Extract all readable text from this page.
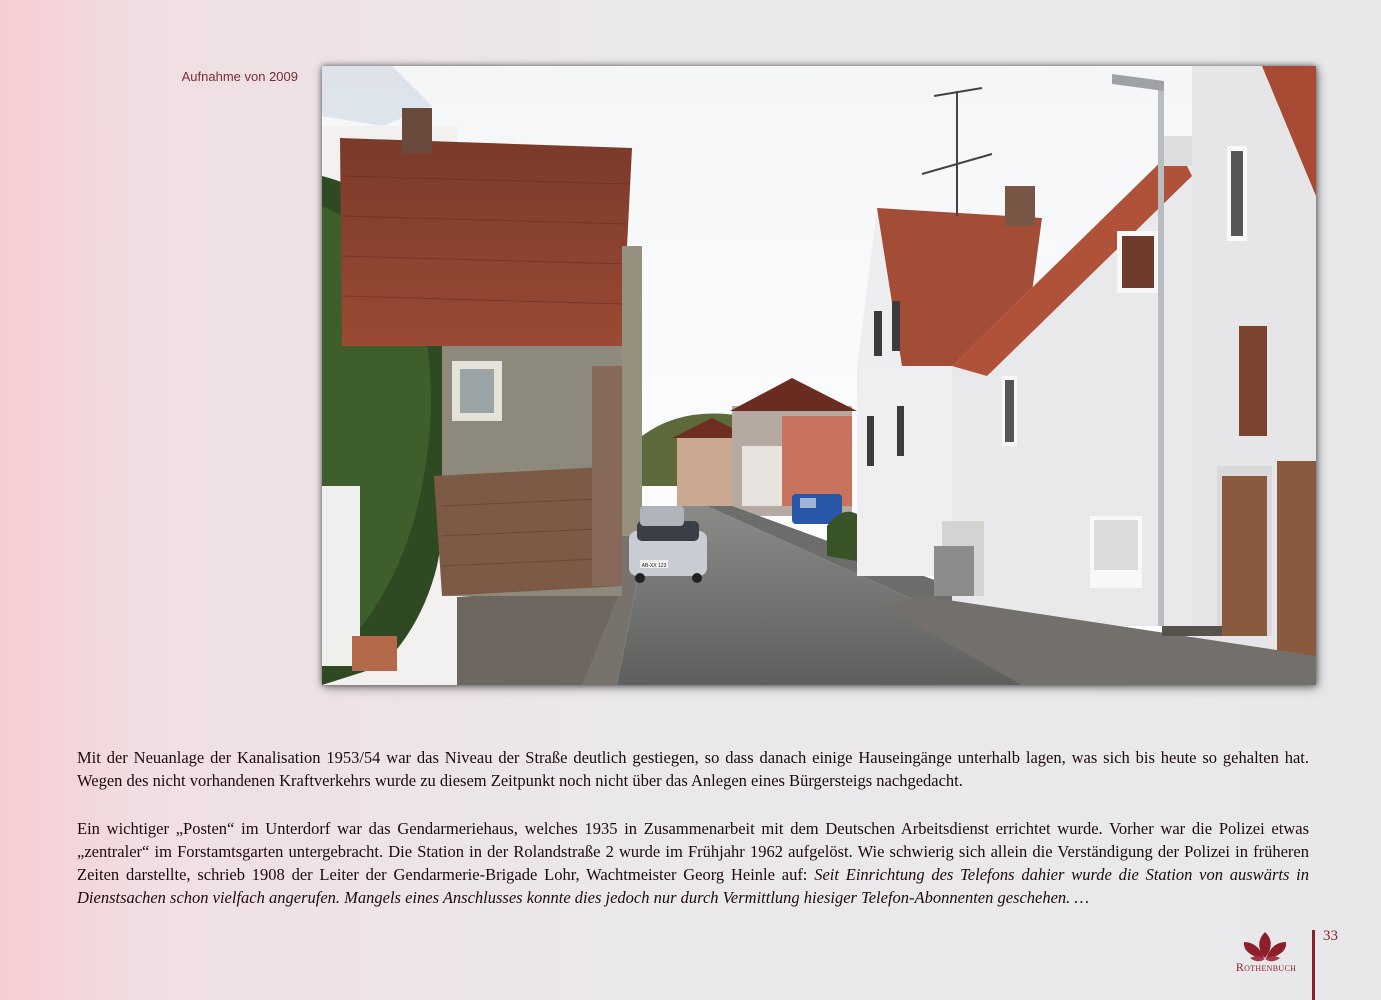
Aufnahme von 2009
AB-XX 123

Mit der Neuanlage der Kanalisation 1953/54 war das Niveau der Straße deutlich gestiegen, so dass danach einige Hauseingänge unterhalb lagen, was sich bis heute so gehalten hat. Wegen des nicht vorhandenen Kraftverkehrs wurde zu diesem Zeitpunkt noch nicht über das Anlegen eines Bürgersteigs nachgedacht.

Ein wichtiger „Posten“ im Unterdorf war das Gendarmeriehaus, welches 1935 in Zusammenarbeit mit dem Deutschen Arbeitsdienst errichtet wurde. Vorher war die Polizei etwas „zentraler“ im Forstamtsgarten untergebracht. Die Station in der Rolandstraße 2 wurde im Frühjahr 1962 aufgelöst. Wie schwierig sich allein die Verständigung der Polizei in früheren Zeiten darstellte, schrieb 1908 der Leiter der Gendarmerie-Brigade Lohr, Wachtmeister Georg Heinle auf: Seit Einrichtung des Telefons dahier wurde die Station von auswärts in Dienstsachen schon vielfach angerufen. Mangels eines Anschlusses konnte dies jedoch nur durch Vermittlung hiesiger Telefon-Abonnenten geschehen. …

Rothenbuch
33
